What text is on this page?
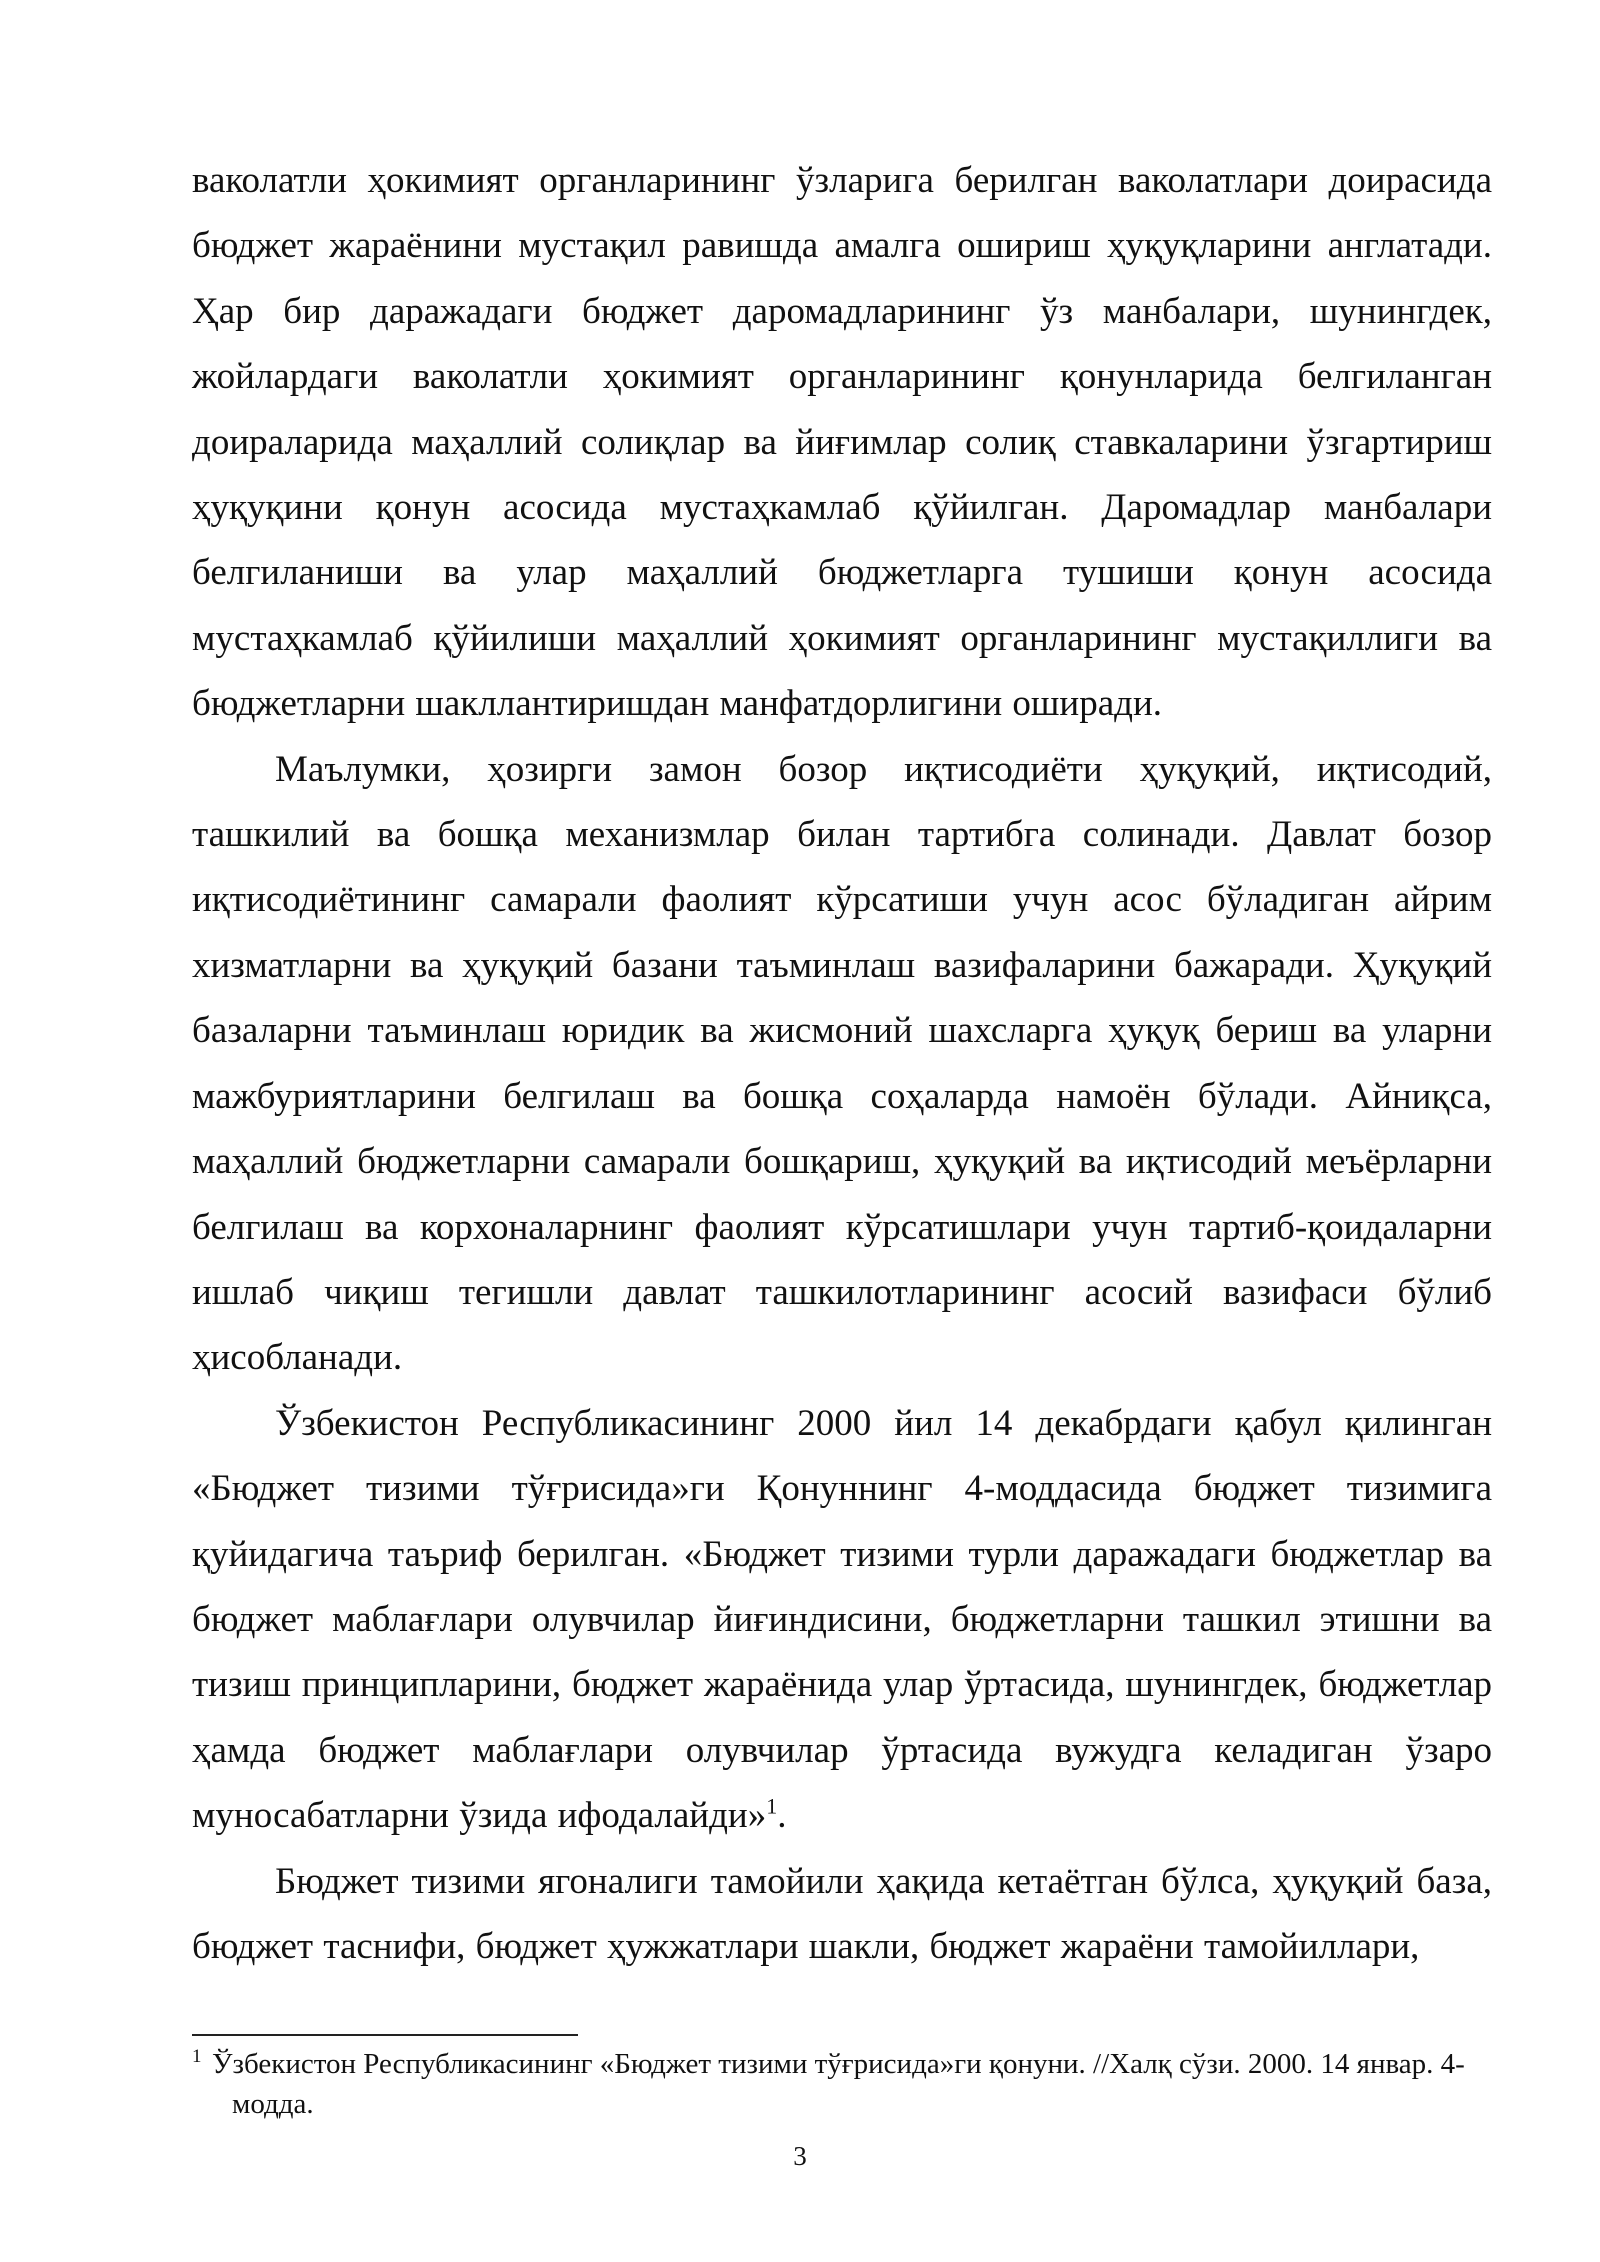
ваколатли ҳокимият органларининг ўзларига берилган ваколатлари доирасида бюджет жараёнини мустақил равишда амалга ошириш ҳуқуқларини англатади. Ҳар бир даражадаги бюджет даромадларининг ўз манбалари, шунингдек, жойлардаги ваколатли ҳокимият органларининг қонунларида белгиланган доираларида маҳаллий солиқлар ва йиғимлар солиқ ставкаларини ўзгартириш ҳуқуқини қонун асосида мустаҳкамлаб қўйилган. Даромадлар манбалари белгиланиши ва улар маҳаллий бюджетларга тушиши қонун асосида мустаҳкамлаб қўйилиши маҳаллий ҳокимият органларининг мустақиллиги ва бюджетларни шакллантиришдан манфатдорлигини оширади.

Маълумки, ҳозирги замон бозор иқтисодиёти ҳуқуқий, иқтисодий, ташкилий ва бошқа механизмлар билан тартибга солинади. Давлат бозор иқтисодиётининг самарали фаолият кўрсатиши учун асос бўладиган айрим хизматларни ва ҳуқуқий базани таъминлаш вазифаларини бажаради. Ҳуқуқий базаларни таъминлаш юридик ва жисмоний шахсларга ҳуқуқ бериш ва уларни мажбуриятларини белгилаш ва бошқа соҳаларда намоён бўлади. Айниқса, маҳаллий бюджетларни самарали бошқариш, ҳуқуқий ва иқтисодий меъёрларни белгилаш ва корхоналарнинг фаолият кўрсатишлари учун тартиб-қоидаларни ишлаб чиқиш тегишли давлат ташкилотларининг асосий вазифаси бўлиб ҳисобланади.

Ўзбекистон Республикасининг 2000 йил 14 декабрдаги қабул қилинган «Бюджет тизими тўғрисида»ги Қонуннинг 4-моддасида бюджет тизимига қуйидагича таъриф берилган. «Бюджет тизими турли даражадаги бюджетлар ва бюджет маблағлари олувчилар йиғиндисини, бюджетларни ташкил этишни ва тизиш принципларини, бюджет жараёнида улар ўртасида, шунингдек, бюджетлар ҳамда бюджет маблағлари олувчилар ўртасида вужудга келадиган ўзаро муносабатларни ўзида ифодалайди»$^1$.

Бюджет тизими ягоналиги тамойили ҳақида кетаётган бўлса, ҳуқуқий база, бюджет таснифи, бюджет ҳужжатлари шакли, бюджет жараёни тамойиллари,

1 Ўзбекистон Республикасининг «Бюджет тизими тўғрисида»ги қонуни. //Халқ сўзи. 2000. 14 январ. 4-модда.

3
